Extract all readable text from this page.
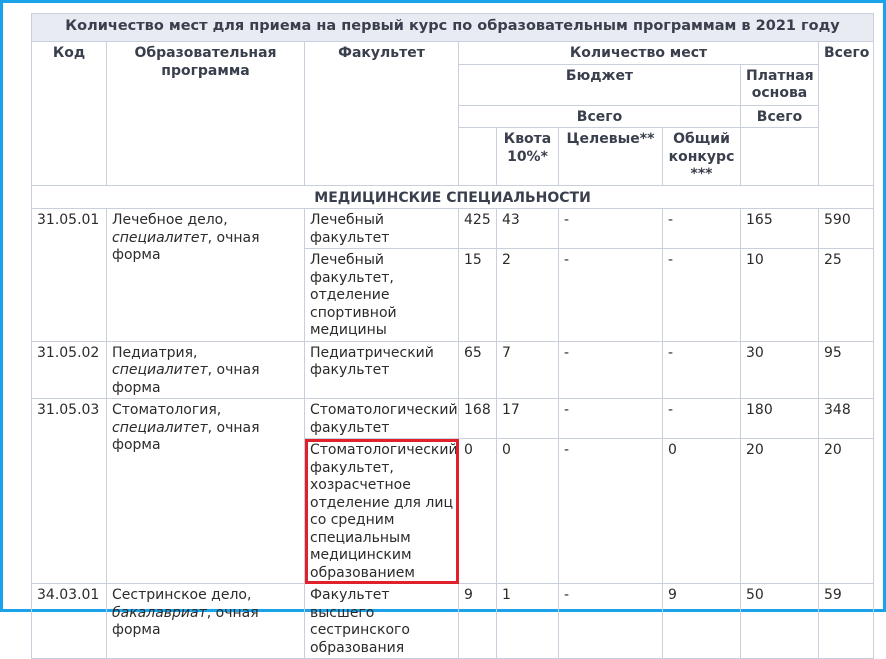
Количество мест для приема на первый курс по образовательным программам в 2021 году								
Код	Образовательная программа	Факультет	Количество мест					Всего
			Бюджет				Платная основа	
			Всего				Всего	
				Квота 10%*	Целевые**	Общий конкурс ***		
МЕДИЦИНСКИЕ СПЕЦИАЛЬНОСТИ								
31.05.01	Лечебное дело, специалитет, очная форма	Лечебный факультет	425	43	-	-	165	590
		Лечебный факультет, отделение спортивной медицины	15	2	-	-	10	25
31.05.02	Педиатрия, специалитет, очная форма	Педиатрический факультет	65	7	-	-	30	95
31.05.03	Стоматология, специалитет, очная форма	Стоматологический факультет	168	17	-	-	180	348
		Стоматологический факультет, хозрасчетное отделение для лиц со средним специальным медицинским образованием	0	0	-	0	20	20
34.03.01	Сестринское дело, бакалавриат, очная форма	Факультет высшего сестринского образования	9	1	-	9	50	59
